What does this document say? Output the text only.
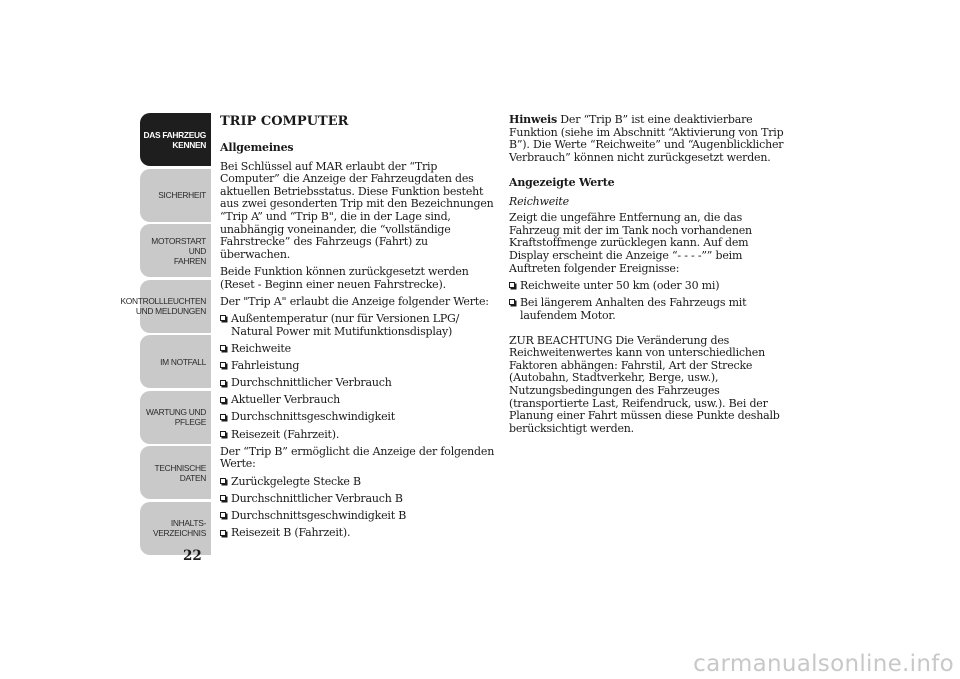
DAS FAHRZEUG
KENNEN
SICHERHEIT
MOTORSTART UND
FAHREN
KONTROLLLEUCHTEN
UND MELDUNGEN
IM NOTFALL
WARTUNG UND
PFLEGE
TECHNISCHE
DATEN
INHALTS-
VERZEICHNIS
22
TRIP COMPUTER
Allgemeines

Bei Schlüssel auf MAR erlaubt der “Trip Computer” die Anzeige der Fahrzeugdaten des aktuellen Betriebsstatus. Diese Funktion besteht aus zwei gesonderten Trip mit den Bezeichnungen “Trip A” und “Trip B", die in der Lage sind, unabhängig voneinander, die “vollständige Fahrstrecke” des Fahrzeugs (Fahrt) zu überwachen.

Beide Funktion können zurückgesetzt werden (Reset - Beginn einer neuen Fahrstrecke).

Der "Trip A" erlaubt die Anzeige folgender Werte:

Außentemperatur (nur für Versionen LPG/ Natural Power mit Mutifunktionsdisplay)
Reichweite
Fahrleistung
Durchschnittlicher Verbrauch
Aktueller Verbrauch
Durchschnittsgeschwindigkeit
Reisezeit (Fahrzeit).

Der “Trip B” ermöglicht die Anzeige der folgenden Werte:

Zurückgelegte Stecke B
Durchschnittlicher Verbrauch B
Durchschnittsgeschwindigkeit B
Reisezeit B (Fahrzeit).

Hinweis Der “Trip B” ist eine deaktivierbare Funktion (siehe im Abschnitt “Aktivierung von Trip B”). Die Werte “Reichweite” und “Augenblicklicher Verbrauch” können nicht zurückgesetzt werden.

Angezeigte Werte
Reichweite

Zeigt die ungefähre Entfernung an, die das Fahrzeug mit der im Tank noch vorhandenen Kraftstoffmenge zurücklegen kann. Auf dem Display erscheint die Anzeige “- - - -”” beim Auftreten folgender Ereignisse:

Reichweite unter 50 km (oder 30 mi)
Bei längerem Anhalten des Fahrzeugs mit laufendem Motor.

ZUR BEACHTUNG Die Veränderung des Reichweitenwertes kann von unterschiedlichen Faktoren abhängen: Fahrstil, Art der Strecke (Autobahn, Stadtverkehr, Berge, usw.), Nutzungsbedingungen des Fahrzeuges (transportierte Last, Reifendruck, usw.). Bei der Planung einer Fahrt müssen diese Punkte deshalb berücksichtigt werden.

carmanualsonline.info
